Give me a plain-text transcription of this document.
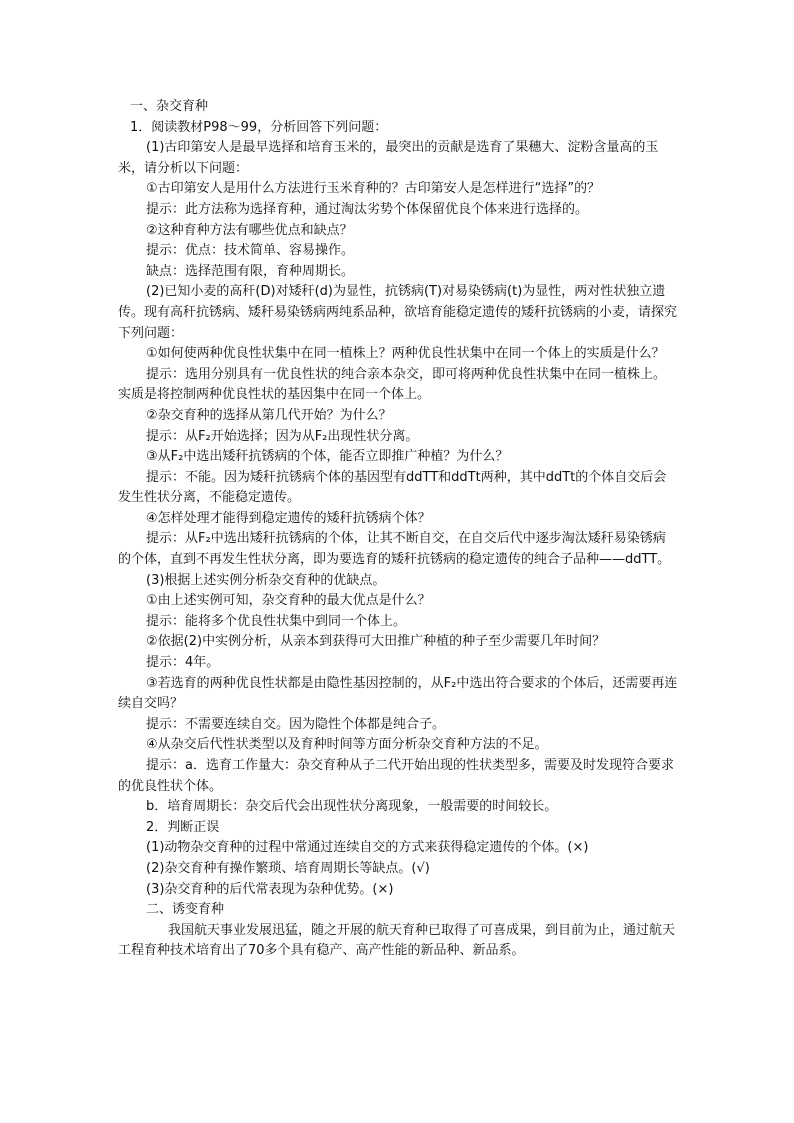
一、杂交育种

1．阅读教材P98～99，分析回答下列问题：

(1)古印第安人是最早选择和培育玉米的，最突出的贡献是选育了果穗大、淀粉含量高的玉米，请分析以下问题：

①古印第安人是用什么方法进行玉米育种的？古印第安人是怎样进行“选择”的？

提示：此方法称为选择育种，通过淘汰劣势个体保留优良个体来进行选择的。

②这种育种方法有哪些优点和缺点？

提示：优点：技术简单、容易操作。

缺点：选择范围有限，育种周期长。

(2)已知小麦的高秆(D)对矮秆(d)为显性，抗锈病(T)对易染锈病(t)为显性，两对性状独立遗传。现有高秆抗锈病、矮秆易染锈病两纯系品种，欲培育能稳定遗传的矮秆抗锈病的小麦，请探究下列问题：

①如何使两种优良性状集中在同一植株上？两种优良性状集中在同一个体上的实质是什么？

提示：选用分别具有一优良性状的纯合亲本杂交，即可将两种优良性状集中在同一植株上。实质是将控制两种优良性状的基因集中在同一个体上。

②杂交育种的选择从第几代开始？为什么？

提示：从F₂开始选择；因为从F₂出现性状分离。

③从F₂中选出矮秆抗锈病的个体，能否立即推广种植？为什么？

提示：不能。因为矮秆抗锈病个体的基因型有ddTT和ddTt两种，其中ddTt的个体自交后会发生性状分离，不能稳定遗传。

④怎样处理才能得到稳定遗传的矮秆抗锈病个体？

提示：从F₂中选出矮秆抗锈病的个体，让其不断自交，在自交后代中逐步淘汰矮秆易染锈病的个体，直到不再发生性状分离，即为要选育的矮秆抗锈病的稳定遗传的纯合子品种——ddTT。

(3)根据上述实例分析杂交育种的优缺点。

①由上述实例可知，杂交育种的最大优点是什么？

提示：能将多个优良性状集中到同一个体上。

②依据(2)中实例分析，从亲本到获得可大田推广种植的种子至少需要几年时间？

提示：4年。

③若选育的两种优良性状都是由隐性基因控制的，从F₂中选出符合要求的个体后，还需要再连续自交吗？

提示：不需要连续自交。因为隐性个体都是纯合子。

④从杂交后代性状类型以及育种时间等方面分析杂交育种方法的不足。

提示：a．选育工作量大：杂交育种从子二代开始出现的性状类型多，需要及时发现符合要求的优良性状个体。

b．培育周期长：杂交后代会出现性状分离现象，一般需要的时间较长。

2．判断正误

(1)动物杂交育种的过程中常通过连续自交的方式来获得稳定遗传的个体。(×)

(2)杂交育种有操作繁琐、培育周期长等缺点。(√)

(3)杂交育种的后代常表现为杂种优势。(×)

二、诱变育种

我国航天事业发展迅猛，随之开展的航天育种已取得了可喜成果，到目前为止，通过航天工程育种技术培育出了70多个具有稳产、高产性能的新品种、新品系。
